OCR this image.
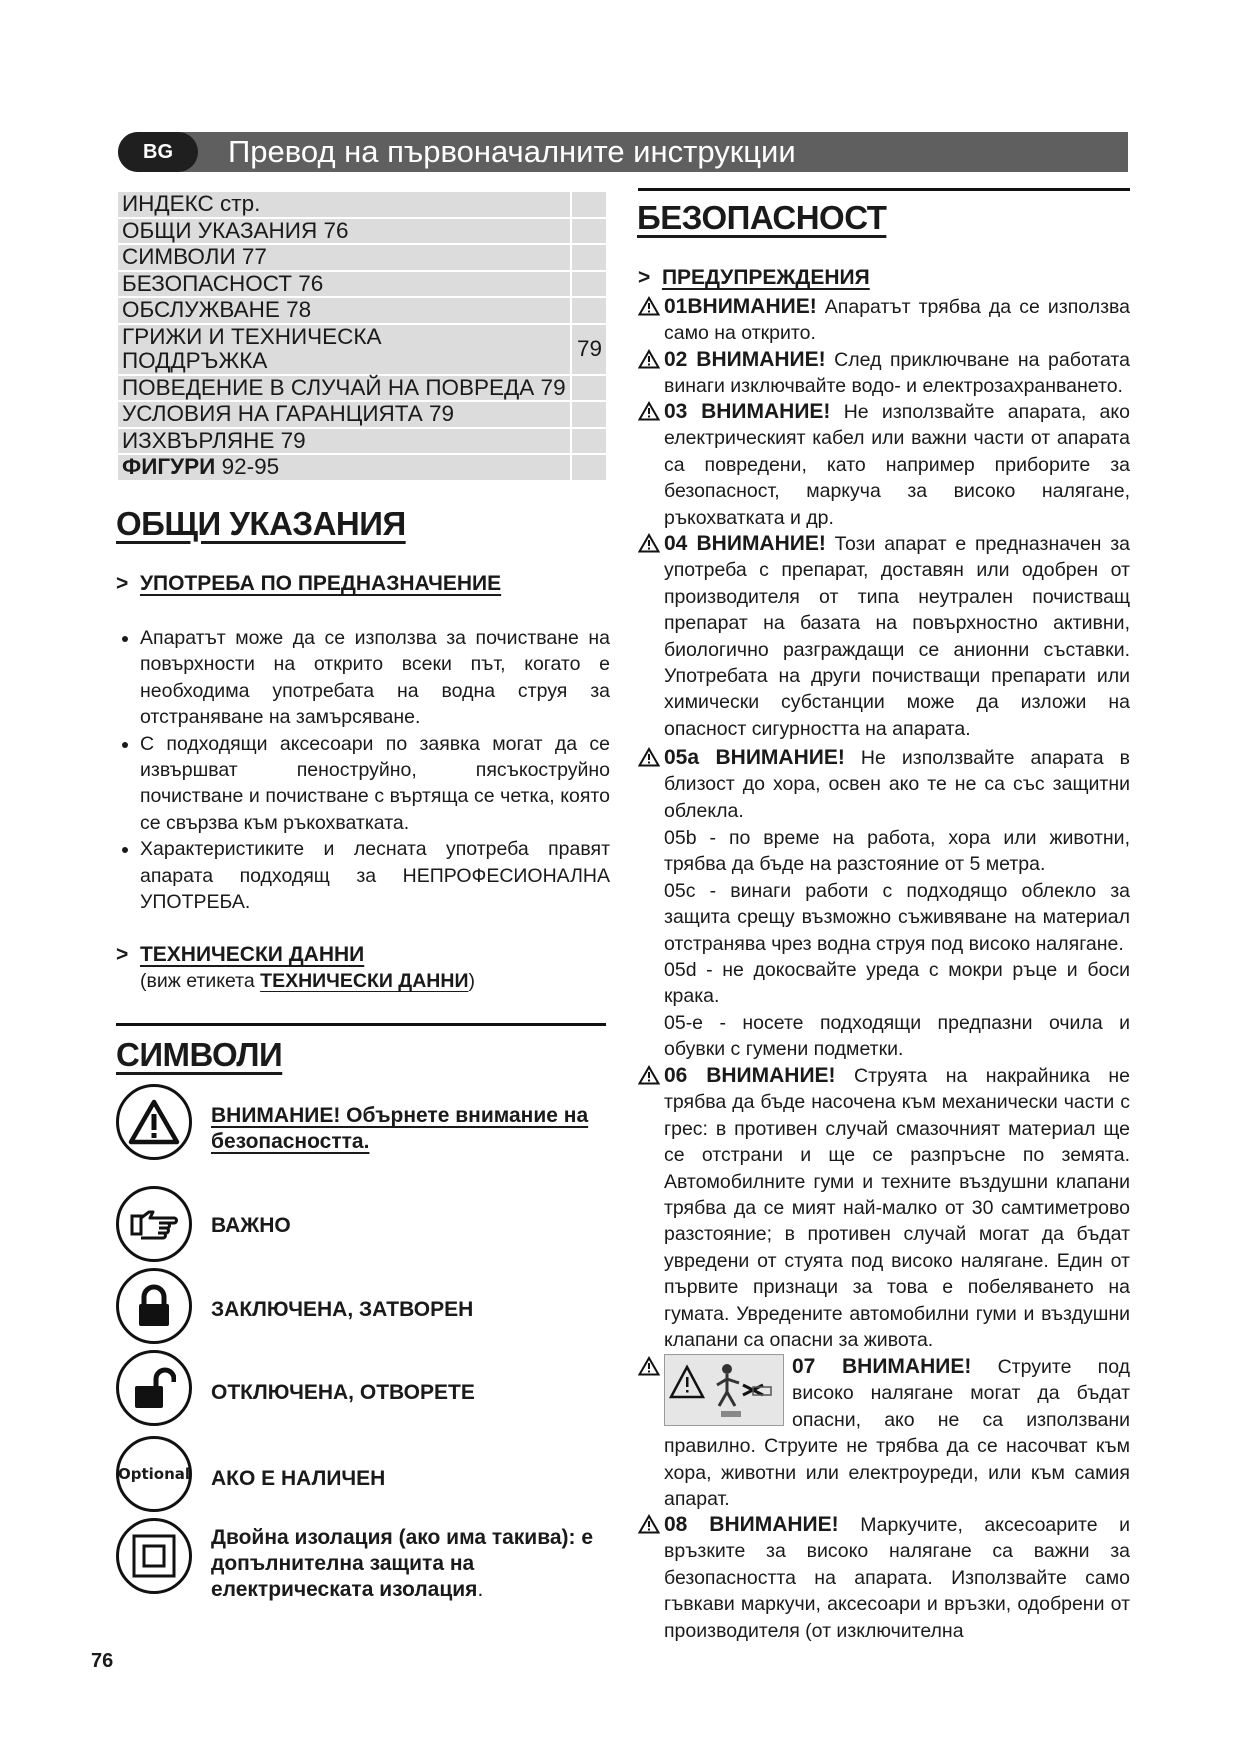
BG	Превод на първоначалните инструкции
ИНДЕКС стр.	
ОБЩИ УКАЗАНИЯ 76	
СИМВОЛИ 77	
БЕЗОПАСНОСТ 76	
ОБСЛУЖВАНЕ 78	
ГРИЖИ И ТЕХНИЧЕСКА ПОДДРЪЖКА	79
ПОВЕДЕНИЕ В СЛУЧАЙ НА ПОВРЕДА 79	
УСЛОВИЯ НА ГАРАНЦИЯТА 79	
ИЗХВЪРЛЯНЕ 79	
ФИГУРИ 92-95	
ОБЩИ УКАЗАНИЯ
>  УПОТРЕБА ПО ПРЕДНАЗНАЧЕНИЕ
• Апаратът може да се използва за почистване на повърхности на открито всеки път, когато е необходима употребата на водна струя за отстраняване на замърсяване.
• С подходящи аксесоари по заявка могат да се извършват пеноструйно, пясъкоструйно почистване и почистване с въртяща се четка, която се свързва към ръкохватката.
• Характеристиките и лесната употреба правят апарата подходящ за НЕПРОФЕСИОНАЛНА УПОТРЕБА.
>  ТЕХНИЧЕСКИ ДАННИ
(виж етикета ТЕХНИЧЕСКИ ДАННИ)
СИМВОЛИ
ВНИМАНИЕ! Обърнете внимание на безопасността.
ВАЖНО
ЗАКЛЮЧЕНА, ЗАТВОРЕН
ОТКЛЮЧЕНА, ОТВОРЕТЕ
Optional АКО Е НАЛИЧЕН
Двойна изолация (ако има такива): е допълнителна защита на електрическата изолация.
76
БЕЗОПАСНОСТ
>  ПРЕДУПРЕЖДЕНИЯ
01ВНИМАНИЕ! Апаратът трябва да се използва само на открито.
02 ВНИМАНИЕ! След приключване на работата винаги изключвайте водо- и електрозахранването.
03 ВНИМАНИЕ! Не използвайте апарата, ако електрическият кабел или важни части от апарата са повредени, като например приборите за безопасност, маркуча за високо налягане, ръкохватката и др.
04 ВНИМАНИЕ! Този апарат е предназначен за употреба с препарат, доставян или одобрен от производителя от типа неутрален почистващ препарат на базата на повърхностно активни, биологично разграждащи се анионни съставки. Употребата на други почистващи препарати или химически субстанции може да изложи на опасност сигурността на апарата.
05a ВНИМАНИЕ! Не използвайте апарата в близост до хора, освен ако те не са със защитни облекла.
05b - по време на работа, хора или животни, трябва да бъде на разстояние от 5 метра.
05c - винаги работи с подходящо облекло за защита срещу възможно съживяване на материал отстранява чрез водна струя под високо налягане.
05d - не докосвайте уреда с мокри ръце и боси крака.
05-е - носете подходящи предпазни очила и обувки с гумени подметки.
06 ВНИМАНИЕ! Струята на накрайника не трябва да бъде насочена към механически части с грес: в противен случай смазочният материал ще се отстрани и ще се разпръсне по земята. Автомобилните гуми и техните въздушни клапани трябва да се мият най-малко от 30 самтиметрово разстояние; в противен случай могат да бъдат увредени от стуята под високо налягане. Един от първите признаци за това е побеляването на гумата. Увредените автомобилни гуми и въздушни клапани са опасни за живота.
07 ВНИМАНИЕ! Струите под високо налягане могат да бъдат опасни, ако не са използвани правилно. Струите не трябва да се насочват към хора, животни или електроуреди, или към самия апарат.
08 ВНИМАНИЕ! Маркучите, аксесоарите и връзките за високо налягане са важни за безопасността на апарата. Използвайте само гъвкави маркучи, аксесоари и връзки, одобрени от производителя (от изключителна
